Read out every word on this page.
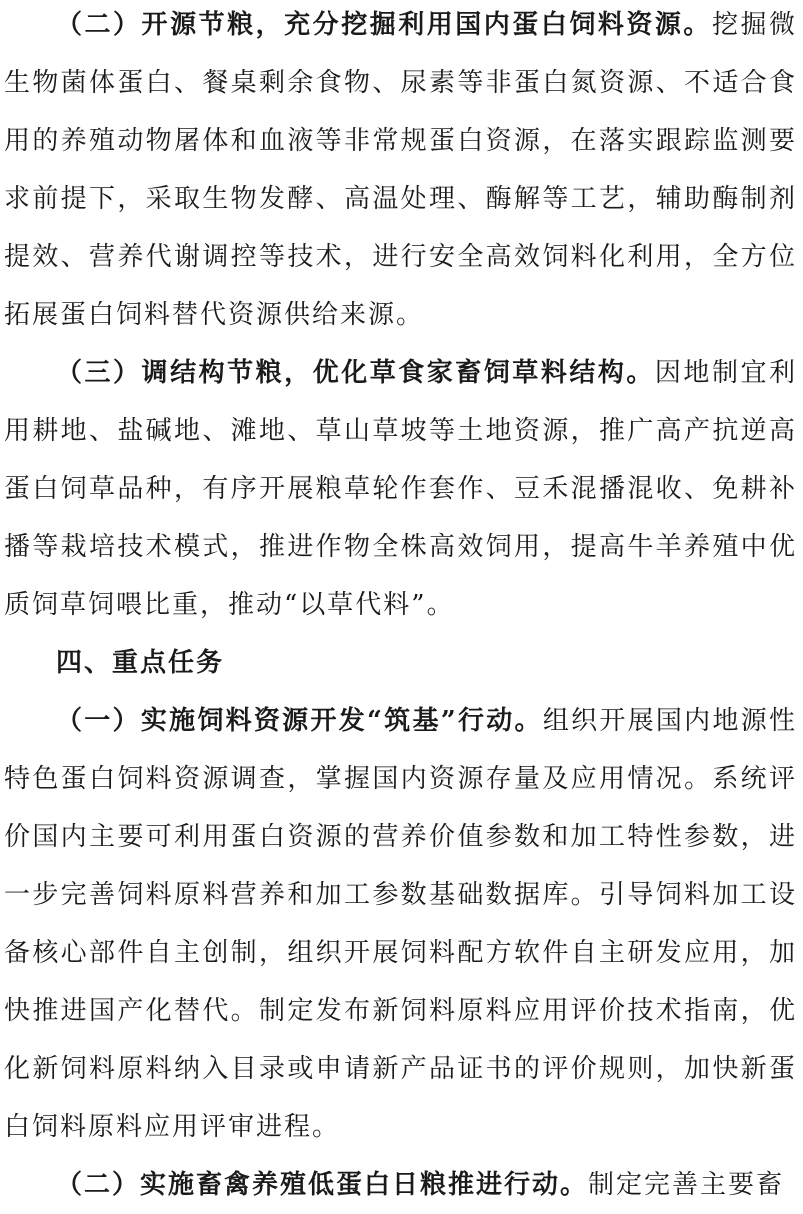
（二）开源节粮，充分挖掘利用国内蛋白饲料资源。挖掘微生物菌体蛋白、餐桌剩余食物、尿素等非蛋白氮资源、不适合食用的养殖动物屠体和血液等非常规蛋白资源，在落实跟踪监测要求前提下，采取生物发酵、高温处理、酶解等工艺，辅助酶制剂提效、营养代谢调控等技术，进行安全高效饲料化利用，全方位拓展蛋白饲料替代资源供给来源。

（三）调结构节粮，优化草食家畜饲草料结构。因地制宜利用耕地、盐碱地、滩地、草山草坡等土地资源，推广高产抗逆高蛋白饲草品种，有序开展粮草轮作套作、豆禾混播混收、免耕补播等栽培技术模式，推进作物全株高效饲用，提高牛羊养殖中优质饲草饲喂比重，推动“以草代料”。

四、重点任务

（一）实施饲料资源开发“筑基”行动。组织开展国内地源性特色蛋白饲料资源调查，掌握国内资源存量及应用情况。系统评价国内主要可利用蛋白资源的营养价值参数和加工特性参数，进一步完善饲料原料营养和加工参数基础数据库。引导饲料加工设备核心部件自主创制，组织开展饲料配方软件自主研发应用，加快推进国产化替代。制定发布新饲料原料应用评价技术指南，优化新饲料原料纳入目录或申请新产品证书的评价规则，加快新蛋白饲料原料应用评审进程。

（二）实施畜禽养殖低蛋白日粮推进行动。制定完善主要畜
